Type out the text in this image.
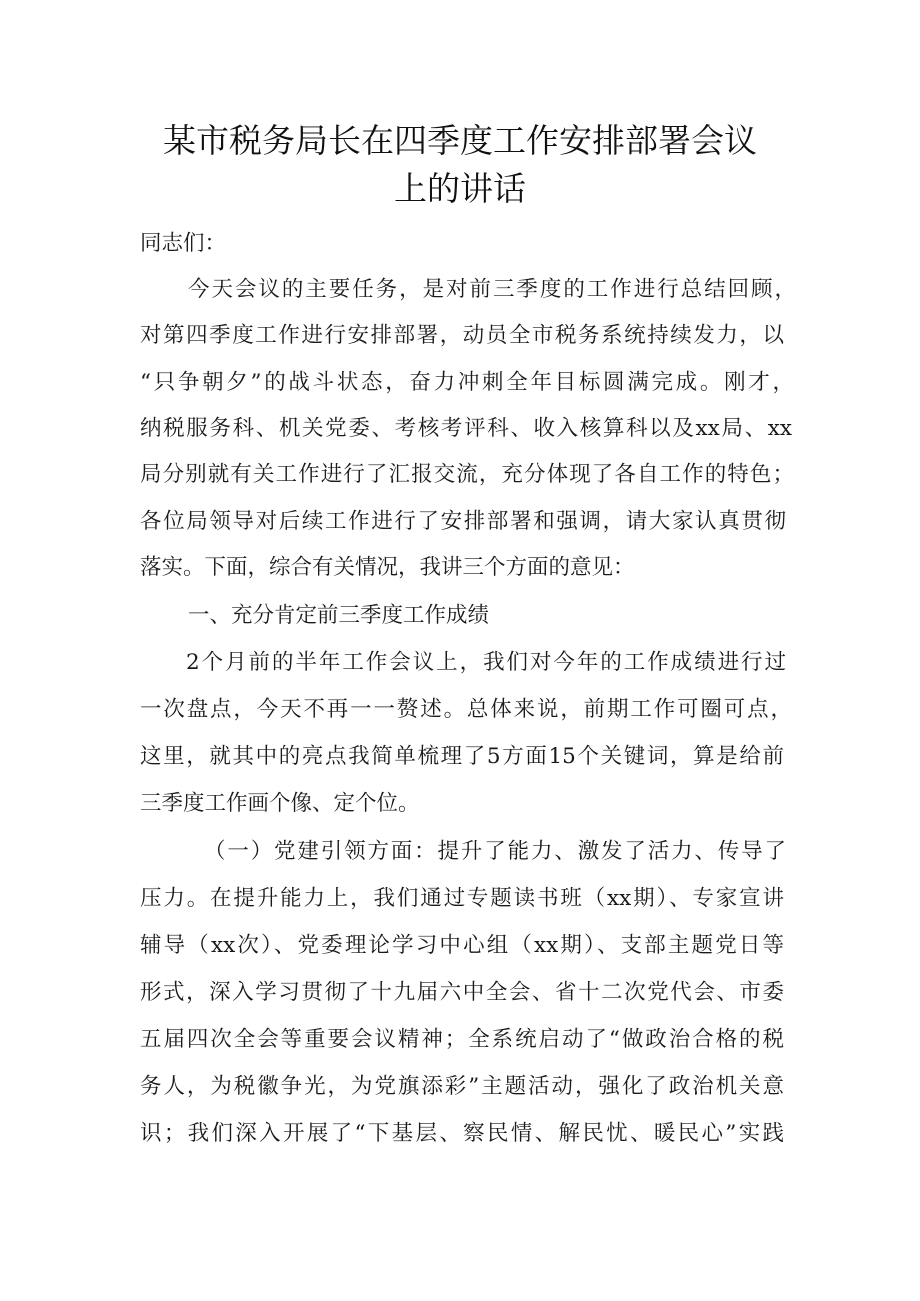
某市税务局长在四季度工作安排部署会议
上的讲话
同志们：
今天会议的主要任务，是对前三季度的工作进行总结回顾，
对第四季度工作进行安排部署，动员全市税务系统持续发力，以
“只争朝夕”的战斗状态，奋力冲刺全年目标圆满完成。刚才，
纳税服务科、机关党委、考核考评科、收入核算科以及xx局、xx
局分别就有关工作进行了汇报交流，充分体现了各自工作的特色；
各位局领导对后续工作进行了安排部署和强调，请大家认真贯彻
落实。下面，综合有关情况，我讲三个方面的意见：
一、充分肯定前三季度工作成绩
2个月前的半年工作会议上，我们对今年的工作成绩进行过
一次盘点，今天不再一一赘述。总体来说，前期工作可圈可点，
这里，就其中的亮点我简单梳理了5方面15个关键词，算是给前
三季度工作画个像、定个位。
（一）党建引领方面：提升了能力、激发了活力、传导了
压力。在提升能力上，我们通过专题读书班（xx期）、专家宣讲
辅导（xx次）、党委理论学习中心组（xx期）、支部主题党日等
形式，深入学习贯彻了十九届六中全会、省十二次党代会、市委
五届四次全会等重要会议精神；全系统启动了“做政治合格的税
务人，为税徽争光，为党旗添彩”主题活动，强化了政治机关意
识；我们深入开展了“下基层、察民情、解民忧、暖民心”实践
